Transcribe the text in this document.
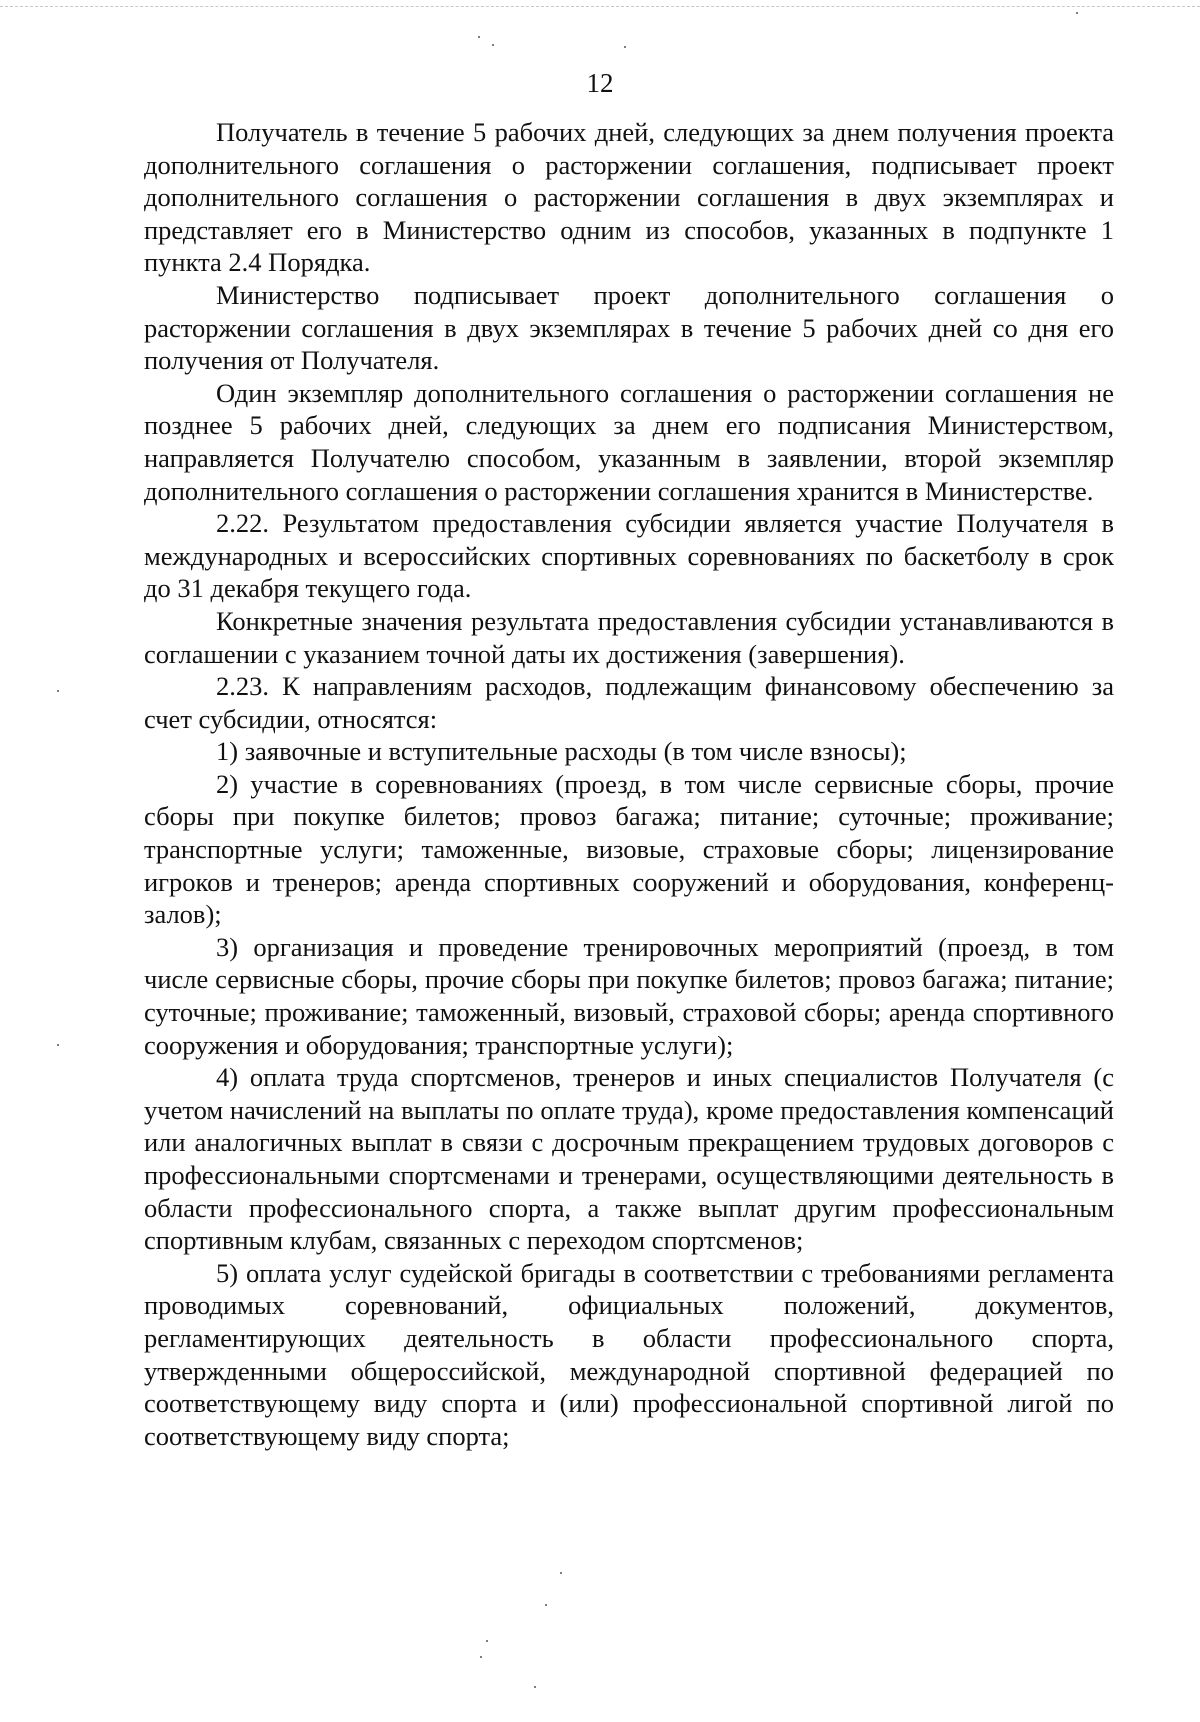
12

Получатель в течение 5 рабочих дней, следующих за днем получения проекта дополнительного соглашения о расторжении соглашения, подписывает проект дополнительного соглашения о расторжении соглашения в двух экземплярах и представляет его в Министерство одним из способов, указанных в подпункте 1 пункта 2.4 Порядка.

Министерство подписывает проект дополнительного соглашения о расторжении соглашения в двух экземплярах в течение 5 рабочих дней со дня его получения от Получателя.

Один экземпляр дополнительного соглашения о расторжении соглашения не позднее 5 рабочих дней, следующих за днем его подписания Министерством, направляется Получателю способом, указанным в заявлении, второй экземпляр дополнительного соглашения о расторжении соглашения хранится в Министерстве.

2.22. Результатом предоставления субсидии является участие Получателя в международных и всероссийских спортивных соревнованиях по баскетболу в срок до 31 декабря текущего года.

Конкретные значения результата предоставления субсидии устанавливаются в соглашении с указанием точной даты их достижения (завершения).

2.23. К направлениям расходов, подлежащим финансовому обеспечению за счет субсидии, относятся:

1) заявочные и вступительные расходы (в том числе взносы);

2) участие в соревнованиях (проезд, в том числе сервисные сборы, прочие сборы при покупке билетов; провоз багажа; питание; суточные; проживание; транспортные услуги; таможенные, визовые, страховые сборы; лицензирование игроков и тренеров; аренда спортивных сооружений и оборудования, конференц-залов);

3) организация и проведение тренировочных мероприятий (проезд, в том числе сервисные сборы, прочие сборы при покупке билетов; провоз багажа; питание; суточные; проживание; таможенный, визовый, страховой сборы; аренда спортивного сооружения и оборудования; транспортные услуги);

4) оплата труда спортсменов, тренеров и иных специалистов Получателя (с учетом начислений на выплаты по оплате труда), кроме предоставления компенсаций или аналогичных выплат в связи с досрочным прекращением трудовых договоров с профессиональными спортсменами и тренерами, осуществляющими деятельность в области профессионального спорта, а также выплат другим профессиональным спортивным клубам, связанных с переходом спортсменов;

5) оплата услуг судейской бригады в соответствии с требованиями регламента проводимых соревнований, официальных положений, документов, регламентирующих деятельность в области профессионального спорта, утвержденными общероссийской, международной спортивной федерацией по соответствующему виду спорта и (или) профессиональной спортивной лигой по соответствующему виду спорта;
